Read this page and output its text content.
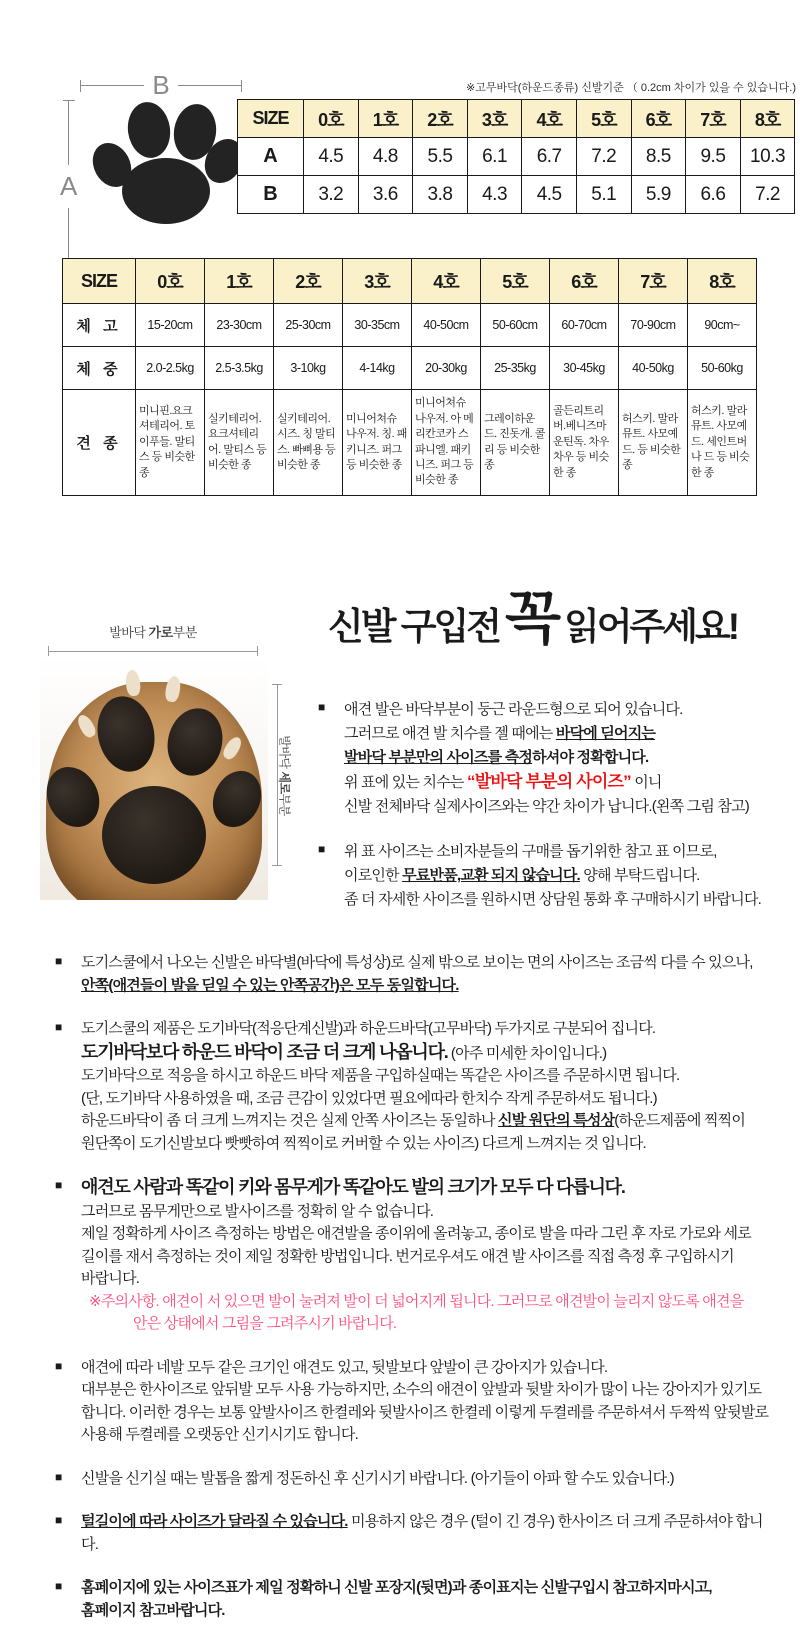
B
A
※고무바닥(하운드종류) 신발기준 （ 0.2cm 차이가 있을 수 있습니다.)
SIZE	0호	1호	2호	3호	4호	5호	6호	7호	8호
A	4.5	4.8	5.5	6.1	6.7	7.2	8.5	9.5	10.3
B	3.2	3.6	3.8	4.3	4.5	5.1	5.9	6.6	7.2
SIZE	0호	1호	2호	3호	4호	5호	6호	7호	8호
체 고	15-20cm	23-30cm	25-30cm	30-35cm	40-50cm	50-60cm	60-70cm	70-90cm	90cm~
체 중	2.0-2.5kg	2.5-3.5kg	3-10kg	4-14kg	20-30kg	25-35kg	30-45kg	40-50kg	50-60kg
견 종	미니핀.요크 셔테리어. 토이푸들. 말티스 등 비슷한 종	실키테리어. 요크셔테리어. 말티스 등 비슷한 종	실키테리어. 시즈. 칭 말티스. 빠삐용 등 비슷한 종	미니어쳐슈 나우저. 칭. 패키니즈. 퍼그 등 비슷한 종	미니어쳐슈 나우저. 아 메리칸코카 스파니엘. 패키니즈. 퍼그 등 비슷한 종	그레이하운 드. 진돗개. 콜리 등 비슷한 종	골든리트리 버.베니즈마 운틴독. 차우차우 등 비슷한 종	허스키. 말라뮤트. 사모예드. 등 비슷한 종	허스키. 말라뮤트. 사모예드. 세인트버나 드 등 비슷한 종
발바닥 가로부분
발바닥 세로부분
신발 구입전 꼭 읽어주세요!
■	애견 발은 바닥부분이 둥근 라운드형으로 되어 있습니다.
그러므로 애견 발 치수를 젤 때에는 바닥에 딛어지는
발바닥 부분만의 사이즈를 측정하셔야 정확합니다.
위 표에 있는 치수는 “발바닥 부분의 사이즈” 이니
신발 전체바닥 실제사이즈와는 약간 차이가 납니다.(왼쪽 그림 참고)
■	위 표 사이즈는 소비자분들의 구매를 돕기위한 참고 표 이므로,
이로인한 무료반품,교환 되지 않습니다. 양해 부탁드립니다.
좀 더 자세한 사이즈를 원하시면 상담원 통화 후 구매하시기 바랍니다.
■	도기스쿨에서 나오는 신발은 바닥별(바닥에 특성상)로 실제 밖으로 보이는 면의 사이즈는 조금씩 다를 수 있으나,
안쪽(애견들이 발을 딛일 수 있는 안쪽공간)은 모두 동일합니다.
■	도기스쿨의 제품은 도기바닥(적응단계신발)과 하운드바닥(고무바닥) 두가지로 구분되어 집니다.
도기바닥보다 하운드 바닥이 조금 더 크게 나옵니다. (아주 미세한 차이입니다.)
도기바닥으로 적응을 하시고 하운드 바닥 제품을 구입하실때는 똑같은 사이즈를 주문하시면 됩니다.
(단, 도기바닥 사용하였을 때, 조금 큰감이 있었다면 필요에따라 한치수 작게 주문하셔도 됩니다.)
하운드바닥이 좀 더 크게 느껴지는 것은 실제 안쪽 사이즈는 동일하나 신발 원단의 특성상(하운드제품에 찍찍이
원단쪽이 도기신발보다 빳빳하여 찍찍이로 커버할 수 있는 사이즈) 다르게 느껴지는 것 입니다.
■	애견도 사람과 똑같이 키와 몸무게가 똑같아도 발의 크기가 모두 다 다릅니다.
그러므로 몸무게만으로 발사이즈를 정확히 알 수 없습니다.
제일 정확하게 사이즈 측정하는 방법은 애견발을 종이위에 올려놓고, 종이로 발을 따라 그린 후 자로 가로와 세로
길이를 재서 측정하는 것이 제일 정확한 방법입니다. 번거로우셔도 애견 발 사이즈를 직접 측정 후 구입하시기
바랍니다.
※주의사항. 애견이 서 있으면 발이 눌려져 발이 더 넓어지게 됩니다. 그러므로 애견발이 늘리지 않도록 애견을
안은 상태에서 그림을 그려주시기 바랍니다.
■	애견에 따라 네발 모두 같은 크기인 애견도 있고, 뒷발보다 앞발이 큰 강아지가 있습니다.
대부분은 한사이즈로 앞뒤발 모두 사용 가능하지만, 소수의 애견이 앞발과 뒷발 차이가 많이 나는 강아지가 있기도
합니다. 이러한 경우는 보통 앞발사이즈 한켤레와 뒷발사이즈 한켤레 이렇게 두켤레를 주문하셔서 두짝씩 앞뒷발로
사용해 두켤레를 오랫동안 신기시기도 합니다.
■	신발을 신기실 때는 발톱을 짧게 정돈하신 후 신기시기 바랍니다. (아기들이 아파 할 수도 있습니다.)
■	털길이에 따라 사이즈가 달라질 수 있습니다. 미용하지 않은 경우 (털이 긴 경우) 한사이즈 더 크게 주문하셔야 합니다.
■	홈페이지에 있는 사이즈표가 제일 정확하니 신발 포장지(뒷면)과 종이표지는 신발구입시 참고하지마시고,
홈페이지 참고바랍니다.
